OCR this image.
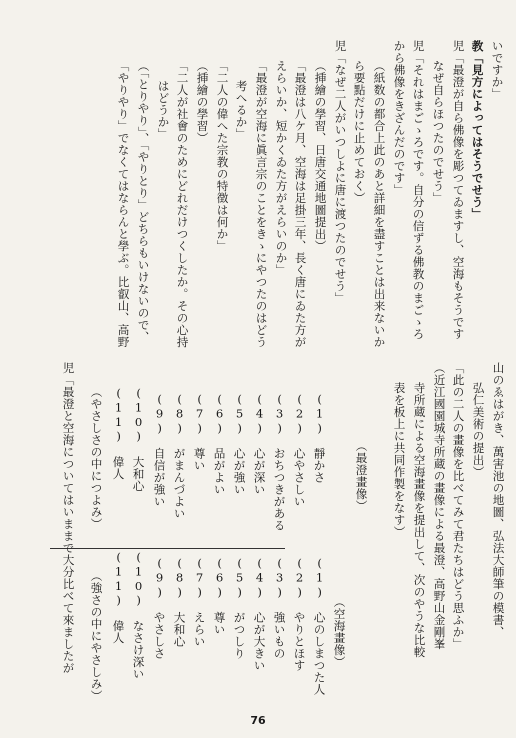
いですか」
教「見方によってはそうでせう」
児「最澄が自ら佛像を彫つてゐますし、空海もそうです
なぜ自らほつたのでせう」
児「それはまごゝろです。自分の信ずる佛教のまごゝろ
から佛像をきざんだのです」
（紙数の都合上此のあと詳細を盡すことは出来ないか
ら要點だけに止めておく）
児「なぜ二人がいつしよに唐に渡つたのでせう」
（挿繪の學習、日唐交通地圖提出）
「最澄は八ケ月、空海は足掛三年、長く唐にゐた方が
えらいか、短かくゐた方がえらいのか」
「最澄が空海に眞言宗のことをきゝにやつたのはどう
考へるか」
「二人の偉へた宗教の特徴は何か」
（挿繪の學習）
「二人が社會のためにどれだけつくしたか。その心持
はどうか」
（「とりやり」、「やりとり」どちらもいけないので、
「やりやり」でなくてはならんと學ぶ。比叡山、高野
山のゑはがき、萬害池の地圖、弘法大師筆の模書、
弘仁美術の提出）
「此の二人の畫像を比べてみて君たちはどう思ふか」
（近江國園城寺所蔵の畫像による最澄、高野山金剛峯
寺所蔵による空海畫像を提出して、次のやうな比較
表を板上に共同作製をなす）
（最澄畫像）
(1)　靜かさ
(2)　心やさしい
(3)　おちつきがある
(4)　心が深い
(5)　心が強い
(6)　品がよい
(7)　尊い
(8)　がまんづよい
(9)　自信が強い
(10)　大和心
(11)　偉人
（やさしさの中につよみ）
（空海畫像）
(1)　心のしまつた人
(2)　やりとほす
(3)　強いもの
(4)　心が大きい
(5)　がつしり
(6)　尊い
(7)　えらい
(8)　大和心
(9)　やさしさ
(10)　なさけ深い
(11)　偉人
（強さの中にやさしみ）
児「最澄と空海についてはいままで大分比べて來ましたが
76
